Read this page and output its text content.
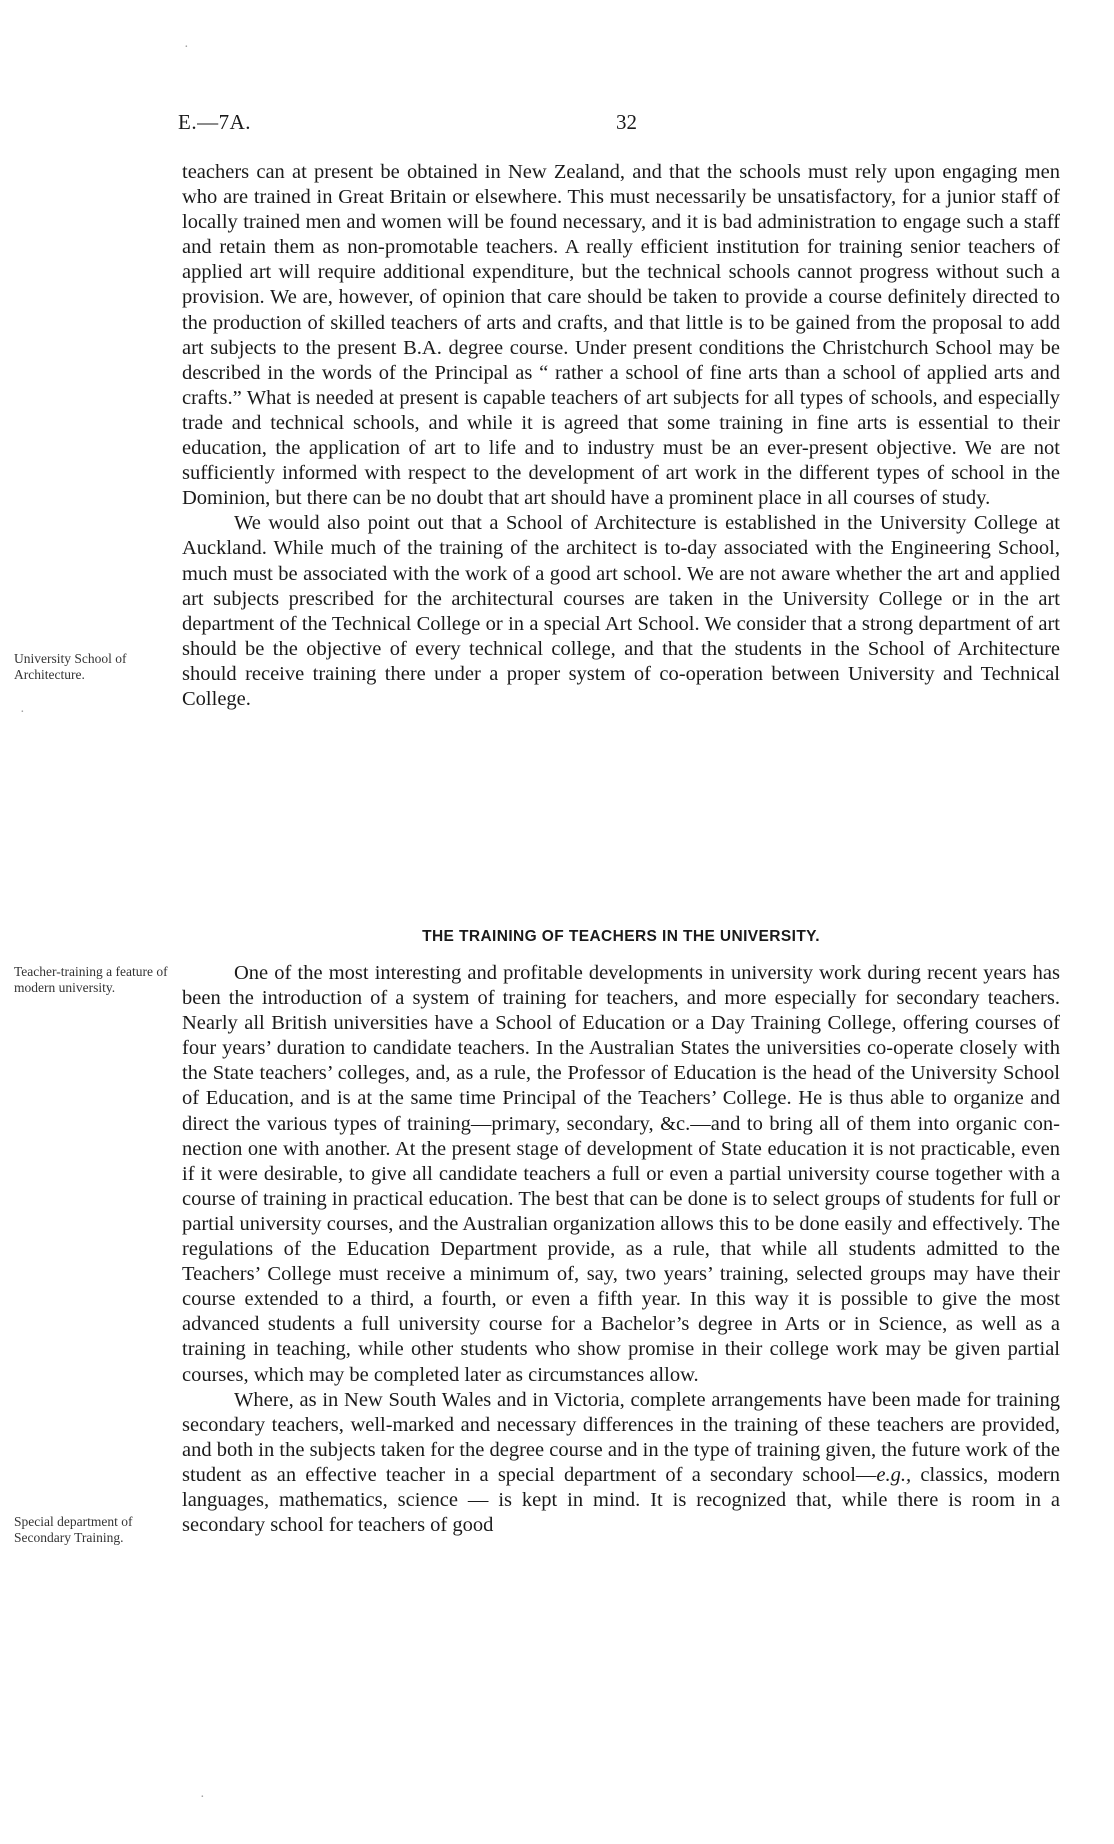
·
E.—7A.	32

teachers can at present be obtained in New Zealand, and that the schools must rely upon engaging men who are trained in Great Britain or elsewhere. This must necessarily be unsatisfactory, for a junior staff of locally trained men and women will be found necessary, and it is bad administration to engage such a staff and retain them as non-promotable teachers. A really efficient institution for training senior teachers of applied art will require additional expenditure, but the technical schools cannot progress without such a provision. We are, however, of opinion that care should be taken to provide a course definitely directed to the production of skilled teachers of arts and crafts, and that little is to be gained from the proposal to add art subjects to the present B.A. degree course. Under present conditions the Christchurch School may be described in the words of the Principal as “ rather a school of fine arts than a school of applied arts and crafts.” What is needed at present is capable teachers of art subjects for all types of schools, and especially trade and technical schools, and while it is agreed that some training in fine arts is essential to their education, the application of art to life and to industry must be an ever-present objective. We are not sufficiently informed with respect to the development of art work in the different types of school in the Dominion, but there can be no doubt that art should have a prominent place in all courses of study.

We would also point out that a School of Architecture is established in the University College at Auckland. While much of the training of the architect is to-day associated with the Engineering School, much must be associated with the work of a good art school. We are not aware whether the art and applied art subjects prescribed for the architectural courses are taken in the University College or in the art department of the Technical College or in a special Art School. We consider that a strong department of art should be the objective of every technical college, and that the students in the School of Architecture should receive training there under a proper system of co-operation between University and Technical College.

THE TRAINING OF TEACHERS IN THE UNIVERSITY.

One of the most interesting and profitable developments in university work during recent years has been the introduction of a system of training for teachers, and more especially for secondary teachers. Nearly all British universities have a School of Education or a Day Training College, offering courses of four years’ duration to candidate teachers. In the Australian States the universities co-operate closely with the State teachers’ colleges, and, as a rule, the Professor of Education is the head of the University School of Education, and is at the same time Principal of the Teachers’ College. He is thus able to organize and direct the various types of training—primary, secondary, &c.—and to bring all of them into organic connection one with another. At the present stage of development of State education it is not practicable, even if it were desirable, to give all candidate teachers a full or even a partial university course together with a course of training in practical education. The best that can be done is to select groups of students for full or partial university courses, and the Australian organization allows this to be done easily and effectively. The regulations of the Education Department provide, as a rule, that while all students admitted to the Teachers’ College must receive a minimum of, say, two years’ training, selected groups may have their course extended to a third, a fourth, or even a fifth year. In this way it is possible to give the most advanced students a full university course for a Bachelor’s degree in Arts or in Science, as well as a training in teaching, while other students who show promise in their college work may be given partial courses, which may be completed later as circumstances allow.

Where, as in New South Wales and in Victoria, complete arrangements have been made for training secondary teachers, well-marked and necessary differences in the training of these teachers are provided, and both in the subjects taken for the degree course and in the type of training given, the future work of the student as an effective teacher in a special department of a secondary school—e.g., classics, modern languages, mathematics, science — is kept in mind. It is recognized that, while there is room in a secondary school for teachers of good

University School of Architecture.
·
Teacher-training a feature of modern university.
Special department of Secondary Training.
·
